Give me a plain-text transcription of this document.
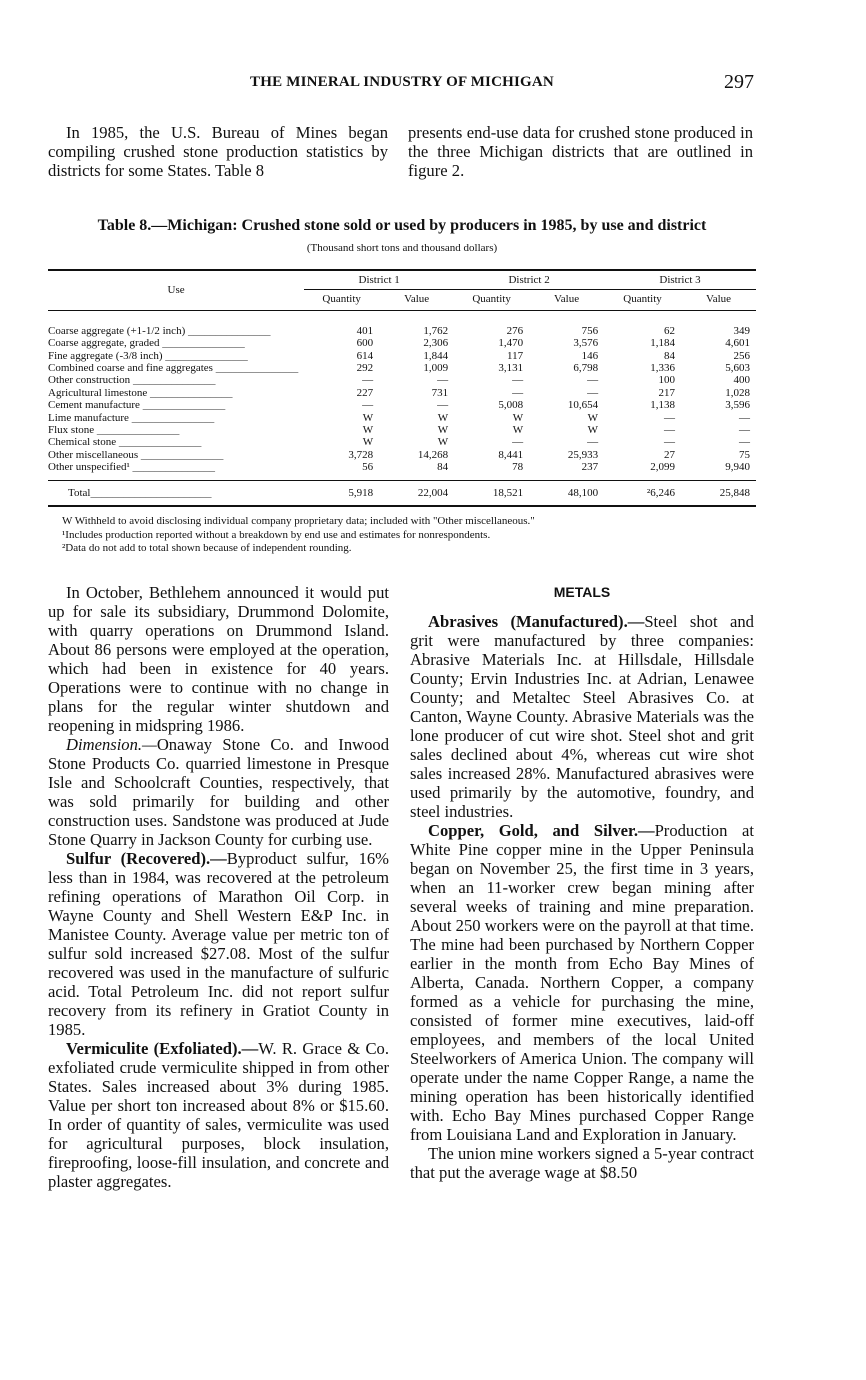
THE MINERAL INDUSTRY OF MICHIGAN	297

In 1985, the U.S. Bureau of Mines began compiling crushed stone production statistics by districts for some States. Table 8

presents end-use data for crushed stone produced in the three Michigan districts that are outlined in figure 2.

Table 8.—Michigan: Crushed stone sold or used by producers in 1985, by use and district
(Thousand short tons and thousand dollars)
Use	District 1		District 2		District 3	
	Quantity	Value	Quantity	Value	Quantity	Value
Coarse aggregate (+1-1/2 inch) _______________	401	1,762	276	756	62	349
Coarse aggregate, graded _______________	600	2,306	1,470	3,576	1,184	4,601
Fine aggregate (-3/8 inch) _______________	614	1,844	117	146	84	256
Combined coarse and fine aggregates _______________	292	1,009	3,131	6,798	1,336	5,603
Other construction _______________	—	—	—	—	100	400
Agricultural limestone _______________	227	731	—	—	217	1,028
Cement manufacture _______________	—	—	5,008	10,654	1,138	3,596
Lime manufacture _______________	W	W	W	W	—	—
Flux stone _______________	W	W	W	W	—	—
Chemical stone _______________	W	W	—	—	—	—
Other miscellaneous _______________	3,728	14,268	8,441	25,933	27	75
Other unspecified¹ _______________	56	84	78	237	2,099	9,940
Total______________________	5,918	22,004	18,521	48,100	²6,246	25,848
W Withheld to avoid disclosing individual company proprietary data; included with "Other miscellaneous."
¹Includes production reported without a breakdown by end use and estimates for nonrespondents.
²Data do not add to total shown because of independent rounding.

In October, Bethlehem announced it would put up for sale its subsidiary, Drummond Dolomite, with quarry operations on Drummond Island. About 86 persons were employed at the operation, which had been in existence for 40 years. Operations were to continue with no change in plans for the regular winter shutdown and reopening in midspring 1986.

Dimension.—Onaway Stone Co. and Inwood Stone Products Co. quarried limestone in Presque Isle and Schoolcraft Counties, respectively, that was sold primarily for building and other construction uses. Sandstone was produced at Jude Stone Quarry in Jackson County for curbing use.

Sulfur (Recovered).—Byproduct sulfur, 16% less than in 1984, was recovered at the petroleum refining operations of Marathon Oil Corp. in Wayne County and Shell Western E&P Inc. in Manistee County. Average value per metric ton of sulfur sold increased $27.08. Most of the sulfur recovered was used in the manufacture of sulfuric acid. Total Petroleum Inc. did not report sulfur recovery from its refinery in Gratiot County in 1985.

Vermiculite (Exfoliated).—W. R. Grace & Co. exfoliated crude vermiculite shipped in from other States. Sales increased about 3% during 1985. Value per short ton increased about 8% or $15.60. In order of quantity of sales, vermiculite was used for agricultural purposes, block insulation, fireproofing, loose-fill insulation, and concrete and plaster aggregates.

METALS

Abrasives (Manufactured).—Steel shot and grit were manufactured by three companies: Abrasive Materials Inc. at Hillsdale, Hillsdale County; Ervin Industries Inc. at Adrian, Lenawee County; and Metaltec Steel Abrasives Co. at Canton, Wayne County. Abrasive Materials was the lone producer of cut wire shot. Steel shot and grit sales declined about 4%, whereas cut wire shot sales increased 28%. Manufactured abrasives were used primarily by the automotive, foundry, and steel industries.

Copper, Gold, and Silver.—Production at White Pine copper mine in the Upper Peninsula began on November 25, the first time in 3 years, when an 11-worker crew began mining after several weeks of training and mine preparation. About 250 workers were on the payroll at that time. The mine had been purchased by Northern Copper earlier in the month from Echo Bay Mines of Alberta, Canada. Northern Copper, a company formed as a vehicle for purchasing the mine, consisted of former mine executives, laid-off employees, and members of the local United Steelworkers of America Union. The company will operate under the name Copper Range, a name the mining operation has been historically identified with. Echo Bay Mines purchased Copper Range from Louisiana Land and Exploration in January.

The union mine workers signed a 5-year contract that put the average wage at $8.50
